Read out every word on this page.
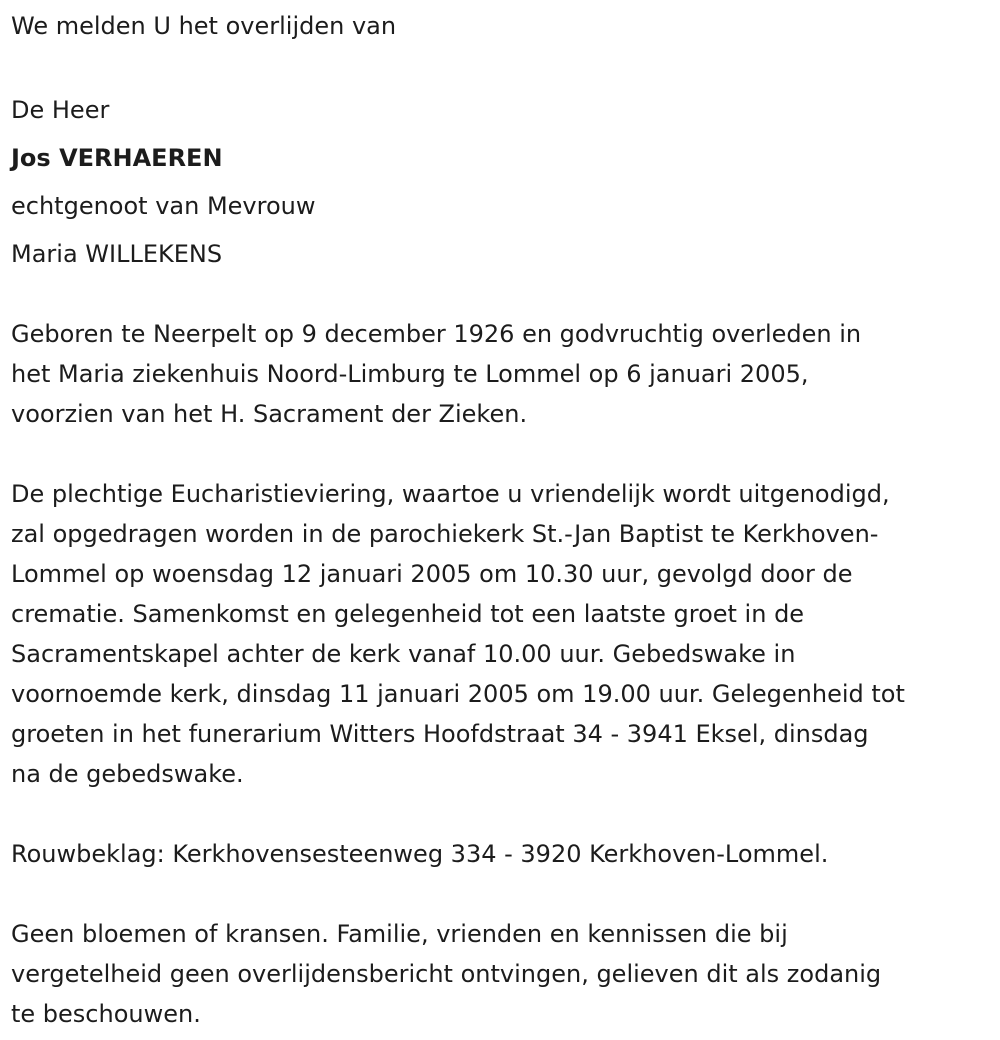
We melden U het overlijden van

De Heer

Jos VERHAEREN

echtgenoot van Mevrouw

Maria WILLEKENS

Geboren te Neerpelt op 9 december 1926 en godvruchtig overleden in
het Maria ziekenhuis Noord-Limburg te Lommel op 6 januari 2005,
voorzien van het H. Sacrament der Zieken.
De plechtige Eucharistieviering, waartoe u vriendelijk wordt uitgenodigd,
zal opgedragen worden in de parochiekerk St.-Jan Baptist te Kerkhoven-
Lommel op woensdag 12 januari 2005 om 10.30 uur, gevolgd door de
crematie. Samenkomst en gelegenheid tot een laatste groet in de
Sacramentskapel achter de kerk vanaf 10.00 uur. Gebedswake in
voornoemde kerk, dinsdag 11 januari 2005 om 19.00 uur. Gelegenheid tot
groeten in het funerarium Witters Hoofdstraat 34 - 3941 Eksel, dinsdag
na de gebedswake.

Rouwbeklag: Kerkhovensesteenweg 334 - 3920 Kerkhoven-Lommel.

Geen bloemen of kransen. Familie, vrienden en kennissen die bij
vergetelheid geen overlijdensbericht ontvingen, gelieven dit als zodanig
te beschouwen.
